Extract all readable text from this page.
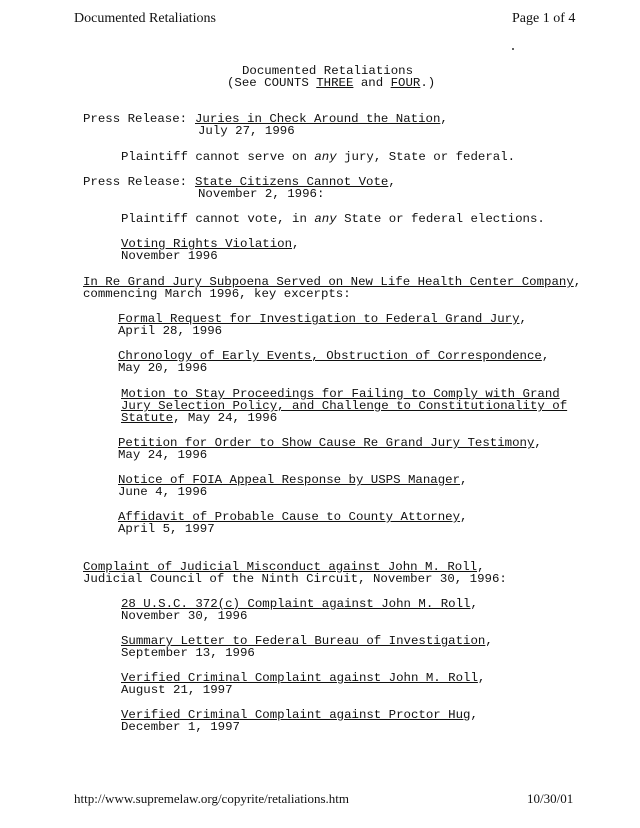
Documented Retaliations	Page 1 of 4
Documented Retaliations
(See COUNTS THREE and FOUR.)
Press Release: Juries in Check Around the Nation,
July 27, 1996
Plaintiff cannot serve on any jury, State or federal.
Press Release: State Citizens Cannot Vote,
November 2, 1996:
Plaintiff cannot vote, in any State or federal elections.
Voting Rights Violation,
November 1996
In Re Grand Jury Subpoena Served on New Life Health Center Company,
commencing March 1996, key excerpts:
Formal Request for Investigation to Federal Grand Jury,
April 28, 1996
Chronology of Early Events, Obstruction of Correspondence,
May 20, 1996
Motion to Stay Proceedings for Failing to Comply with Grand
Jury Selection Policy, and Challenge to Constitutionality of
Statute, May 24, 1996
Petition for Order to Show Cause Re Grand Jury Testimony,
May 24, 1996
Notice of FOIA Appeal Response by USPS Manager,
June 4, 1996
Affidavit of Probable Cause to County Attorney,
April 5, 1997
Complaint of Judicial Misconduct against John M. Roll,
Judicial Council of the Ninth Circuit, November 30, 1996:
28 U.S.C. 372(c) Complaint against John M. Roll,
November 30, 1996
Summary Letter to Federal Bureau of Investigation,
September 13, 1996
Verified Criminal Complaint against John M. Roll,
August 21, 1997
Verified Criminal Complaint against Proctor Hug,
December 1, 1997
http://www.supremelaw.org/copyrite/retaliations.htm	10/30/01
